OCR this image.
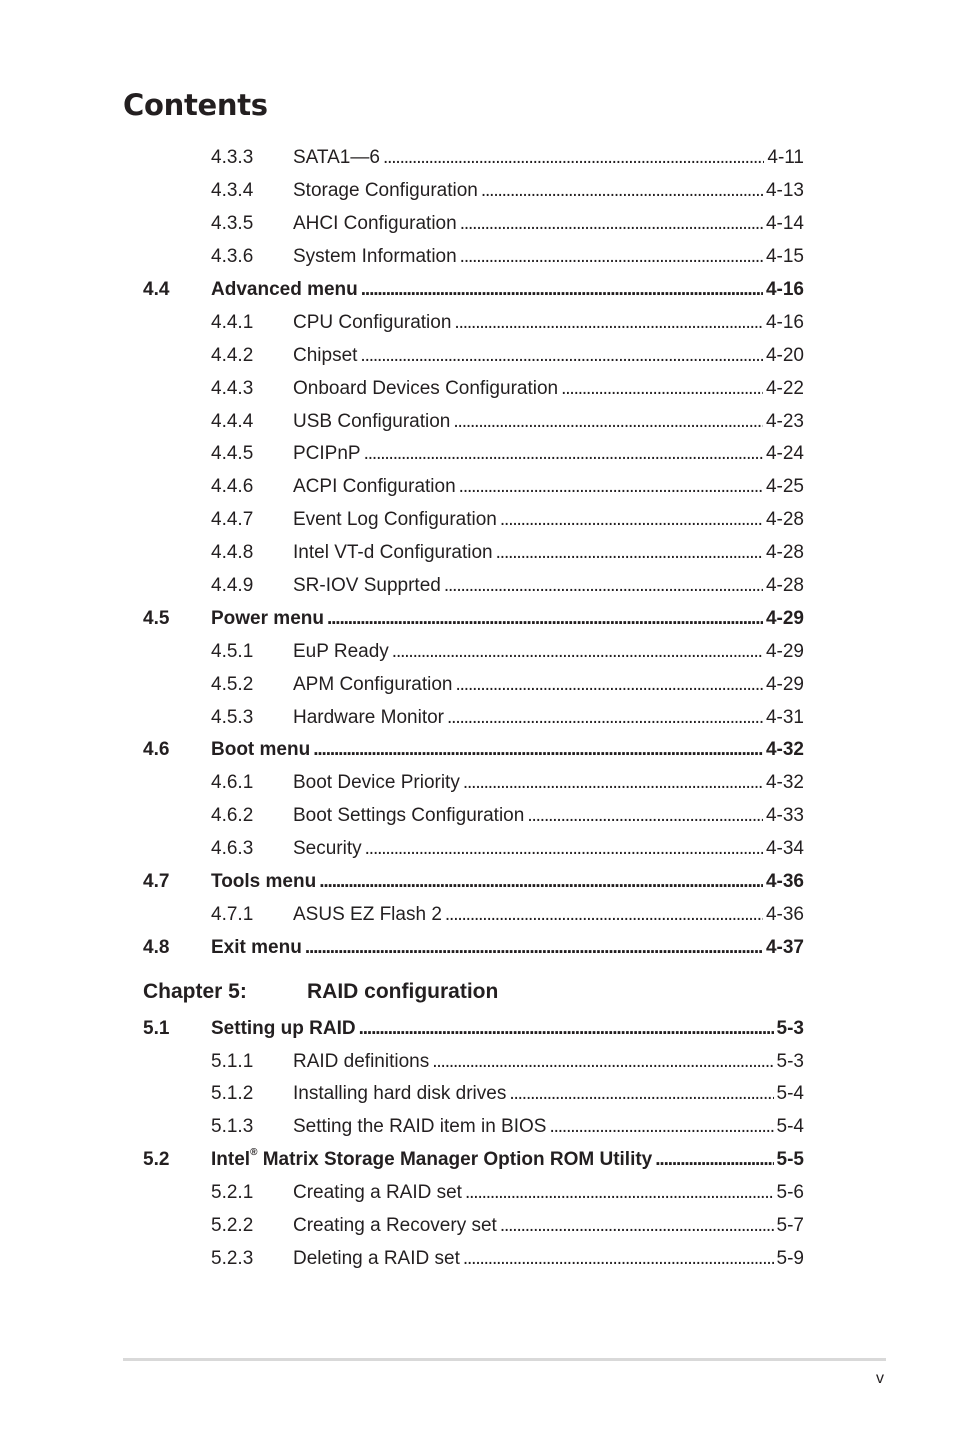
Contents
4.3.3 SATA1—6 . . .	4-11
4.3.4 Storage Configuration . . .	4-13
4.3.5 AHCI Configuration . . .	4-14
4.3.6 System Information . . .	4-15
4.4 Advanced menu . . .	4-16
4.4.1 CPU Configuration . . .	4-16
4.4.2 Chipset . . .	4-20
4.4.3 Onboard Devices Configuration . . .	4-22
4.4.4 USB Configuration . . .	4-23
4.4.5 PCIPnP . . .	4-24
4.4.6 ACPI Configuration . . .	4-25
4.4.7 Event Log Configuration . . .	4-28
4.4.8 Intel VT-d Configuration . . .	4-28
4.4.9 SR-IOV Supprted . . .	4-28
4.5 Power menu . . .	4-29
4.5.1 EuP Ready . . .	4-29
4.5.2 APM Configuration . . .	4-29
4.5.3 Hardware Monitor . . .	4-31
4.6 Boot menu . . .	4-32
4.6.1 Boot Device Priority . . .	4-32
4.6.2 Boot Settings Configuration . . .	4-33
4.6.3 Security . . .	4-34
4.7 Tools menu . . .	4-36
4.7.1 ASUS EZ Flash 2 . . .	4-36
4.8 Exit menu . . .	4-37
Chapter 5:	RAID configuration
5.1 Setting up RAID . . .	5-3
5.1.1 RAID definitions . . .	5-3
5.1.2 Installing hard disk drives . . .	5-4
5.1.3 Setting the RAID item in BIOS . . .	5-4
5.2 Intel® Matrix Storage Manager Option ROM Utility . . .	5-5
5.2.1 Creating a RAID set . . .	5-6
5.2.2 Creating a Recovery set . . .	5-7
5.2.3 Deleting a RAID set . . .	5-9
v
